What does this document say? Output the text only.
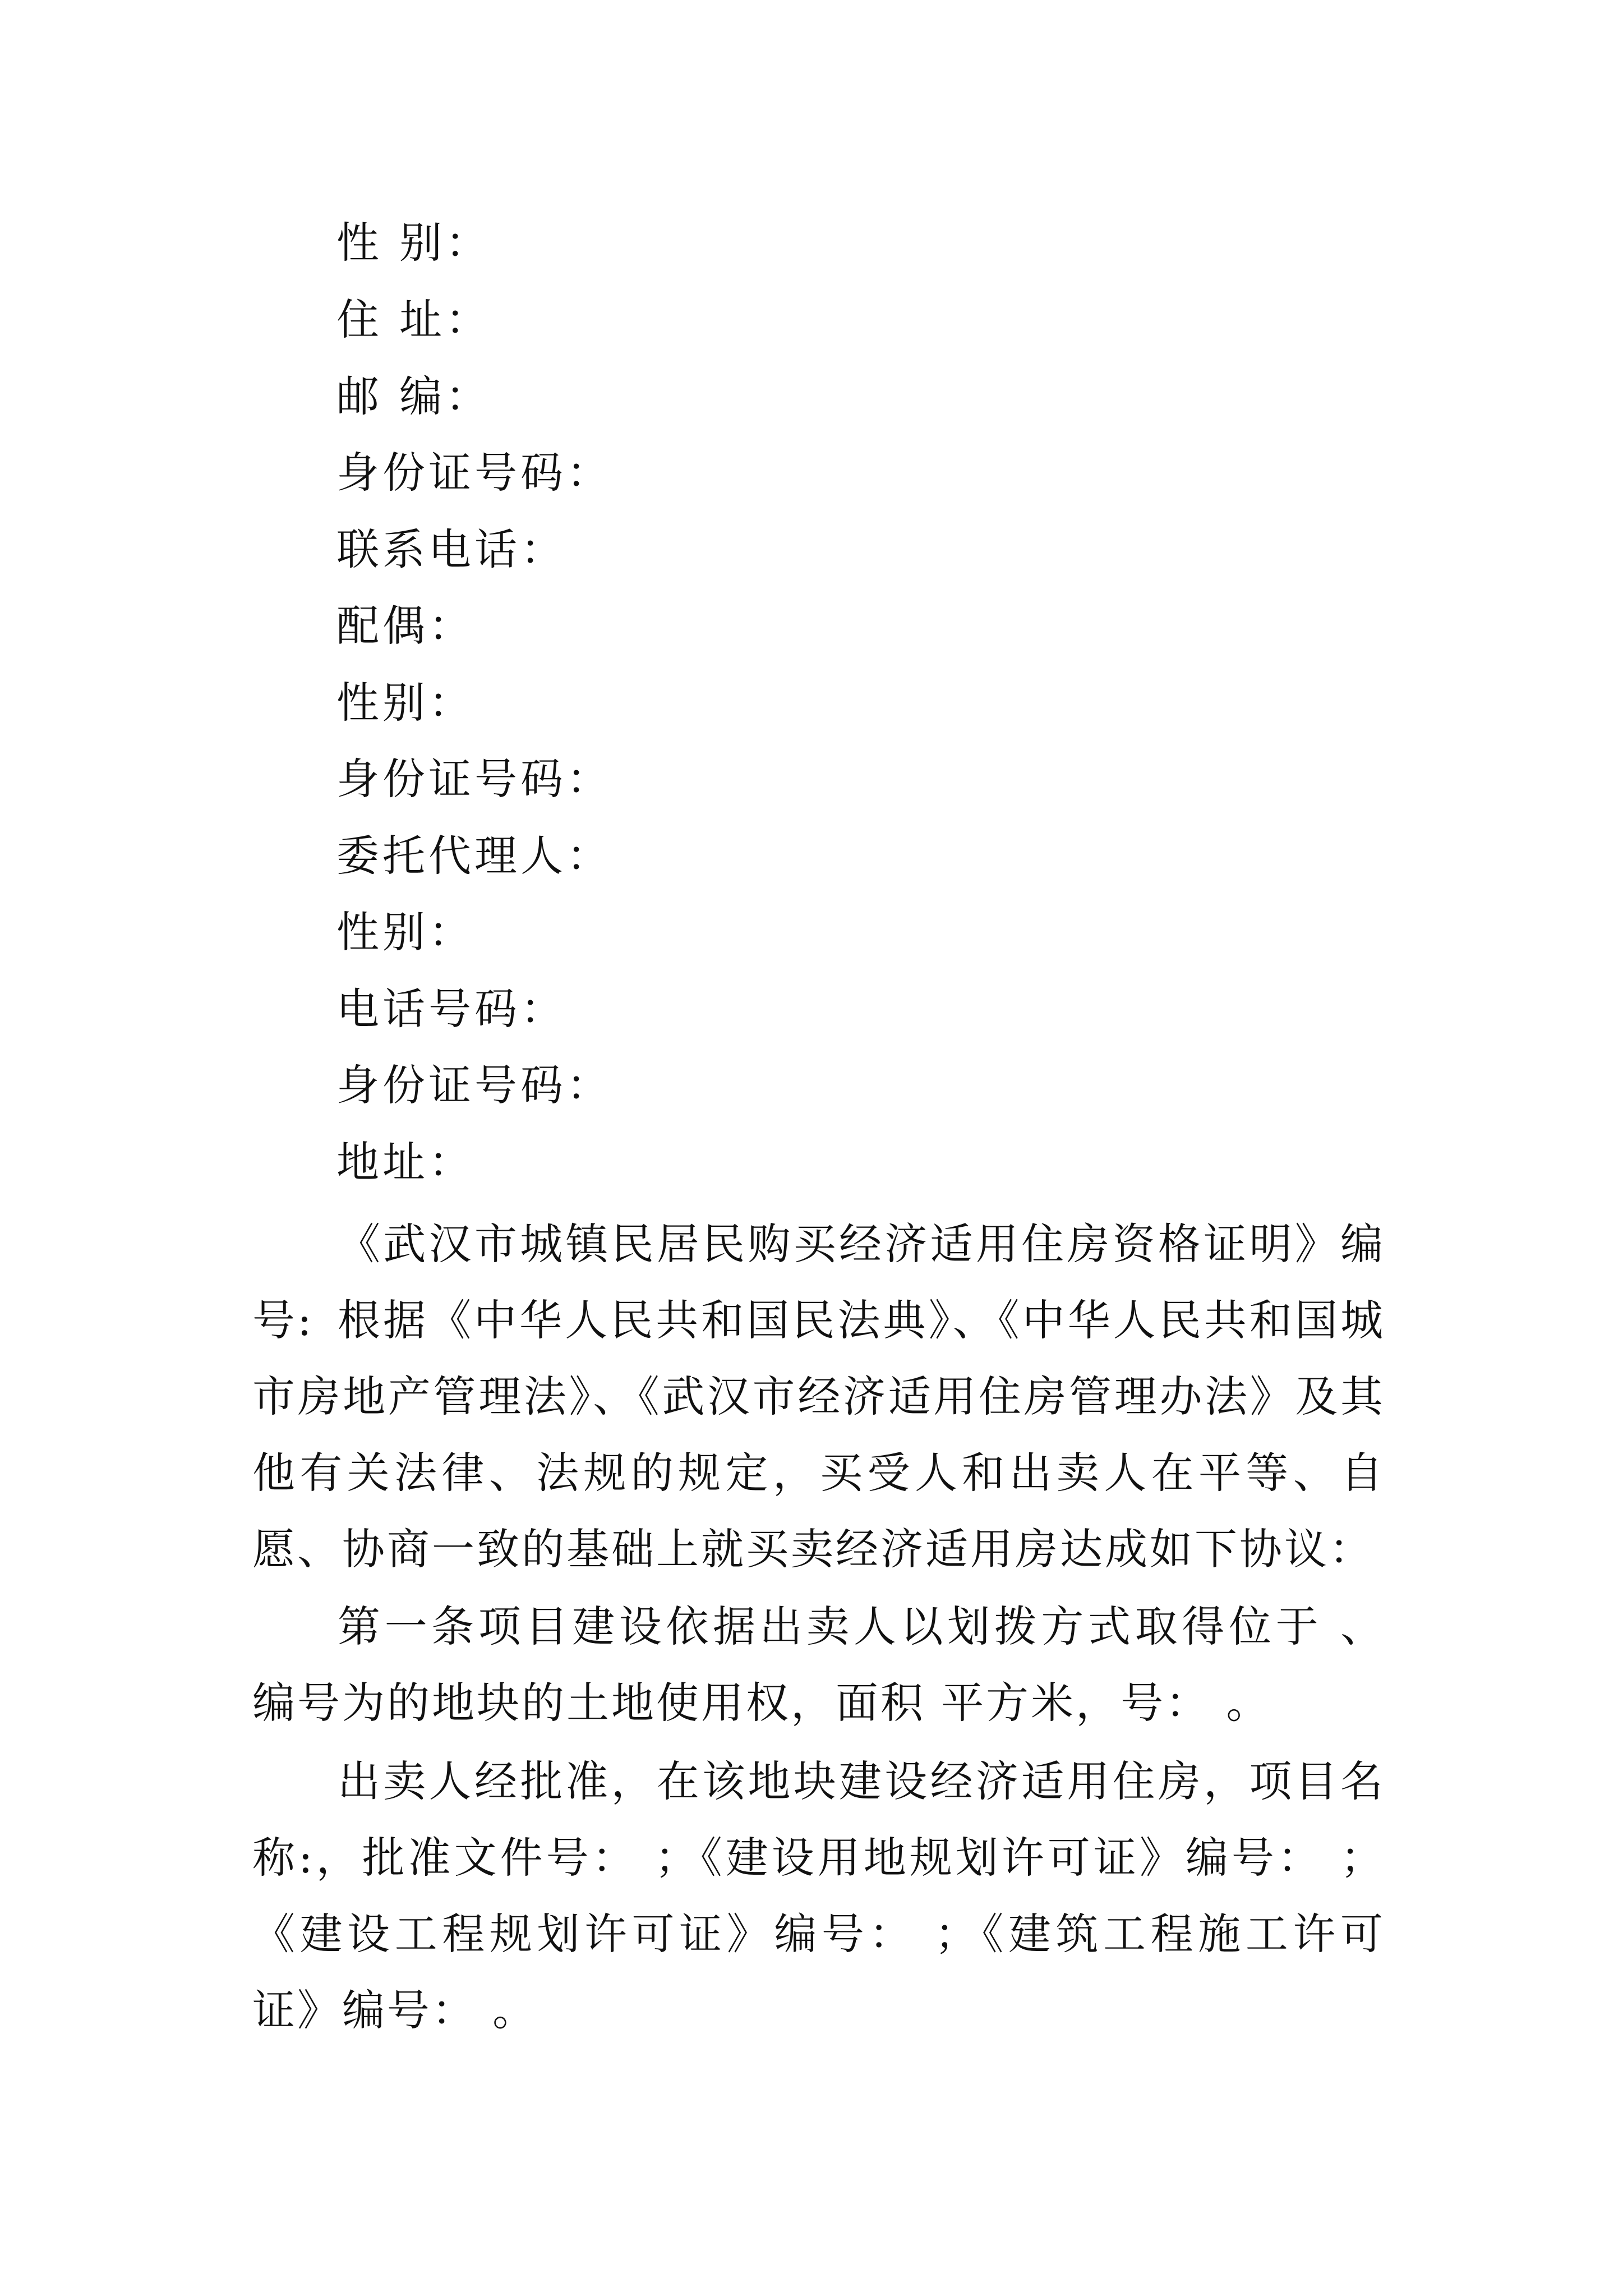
性 别：

住 址：

邮 编：

身份证号码：

联系电话：

配偶：

性别：

身份证号码：

委托代理人：

性别：

电话号码：

身份证号码：

地址：

《武汉市城镇民居民购买经济适用住房资格证明》编号: 根据《中华人民共和国民法典》、《中华人民共和国城市房地产管理法》、《武汉市经济适用住房管理办法》及其他有关法律、法规的规定，买受人和出卖人在平等、自愿、协商一致的基础上就买卖经济适用房达成如下协议：

第一条项目建设依据出卖人以划拨方式取得位于 、编号为的地块的土地使用权，面积 平方米，号： 。

出卖人经批准，在该地块建设经济适用住房，项目名称:，批准文件号： ；《建设用地规划许可证》编号： ；《建设工程规划许可证》编号： ；《建筑工程施工许可证》编号： 。
